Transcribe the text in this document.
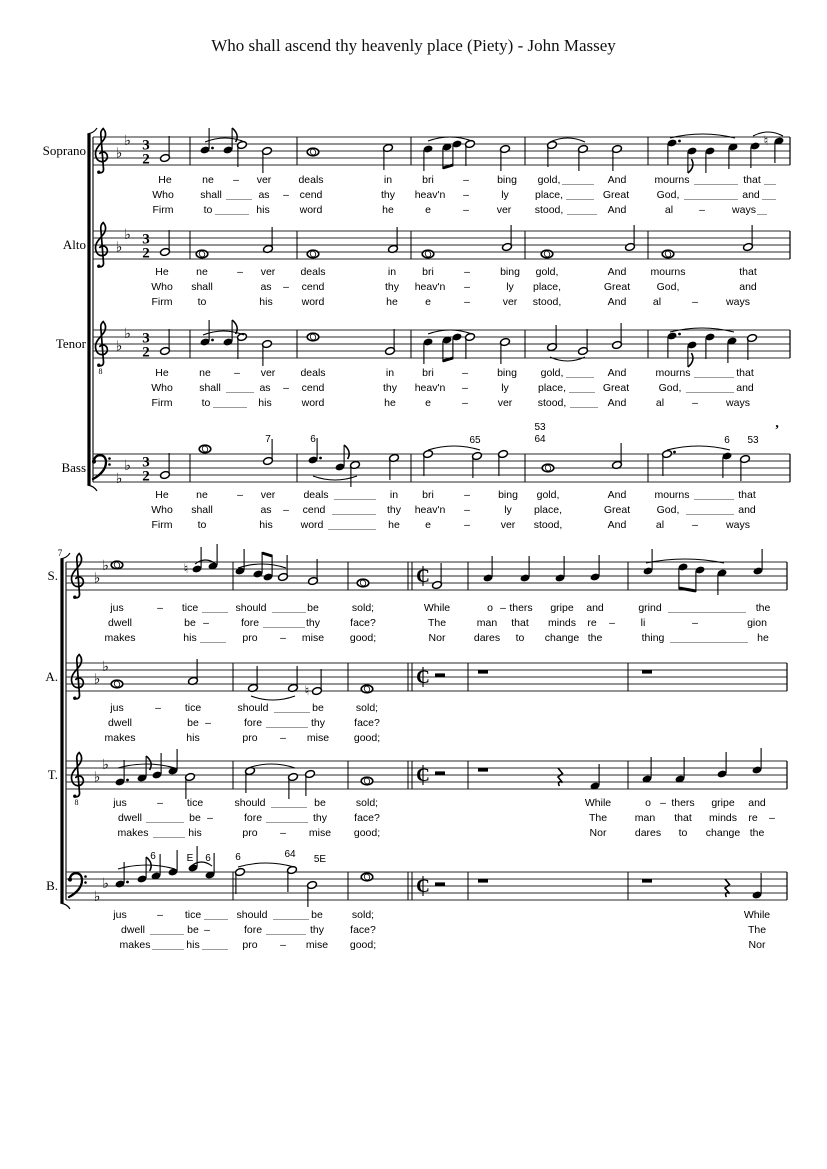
Who shall ascend thy heavenly place (Piety) - John Massey
Soprano ♭
♭ 3
2
♮
He	ne – ver	deals	in	bri	–	bing gold,	And	mourns	that
Who	shall	as – cend	thy heav'n –	ly place,	Great	God,	and
Firm	to	his	word	he	e	–	ver stood,	And	al –	ways
Alto ♭
♭ 3
2
He	ne	– ver deals	in bri	–	bing gold,	And mourns	that
Who shall	as – cend	thy heav'n –	ly place,	Great	God,	and
Firm to	his	word	he	e	–	ver stood,	And	al	–	ways
Tenor
8
♭
♭ 3
2
He	ne – ver deals	in	bri	–	bing gold,	And	mourns	that
Who	shall	as – cend	thy heav'n –	ly	place,	Great	God,	and
Firm	to	his	word	he	e	–	ver stood,	And	al	–	ways
Bass
♭
♭ 3
2
7	6	65
53
64	6 53
’
He	ne	– ver	deals	in bri	–	bing gold,	And	mourns	that
Who shall	as – cend	thy heav'n –	ly place,	Great	God,	and
Firm to	his	word	he e	–	ver stood,	And	al	–	ways
7
S.	♭
♭	C
♮
jus	– tice	should	be	sold;	While	o – thers gripe and	grind	the
dwell	be –	fore	thy	face?	The	man that minds re – li	–	gion
makes	his	pro – mise good;	Nor	dares to change the	thing	he
A.	♭
♭	C
♮
jus	– tice	should	be	sold;
dwell	be –	fore	thy	face?
makes	his	pro – mise good;
T.
8
♭
♭	C
jus	– tice	should	be	sold;	While	o – thers gripe and
dwell	be –	fore	thy	face?	The	man that minds re –
makes	his	pro – mise good;	Nor	dares to change the
B.
♭
♭	C
6	E 6 6	64 5E
jus	– tice	should	be	sold;	While
dwell	be –	fore	thy face?	The
makes	his	pro – mise good;	Nor
